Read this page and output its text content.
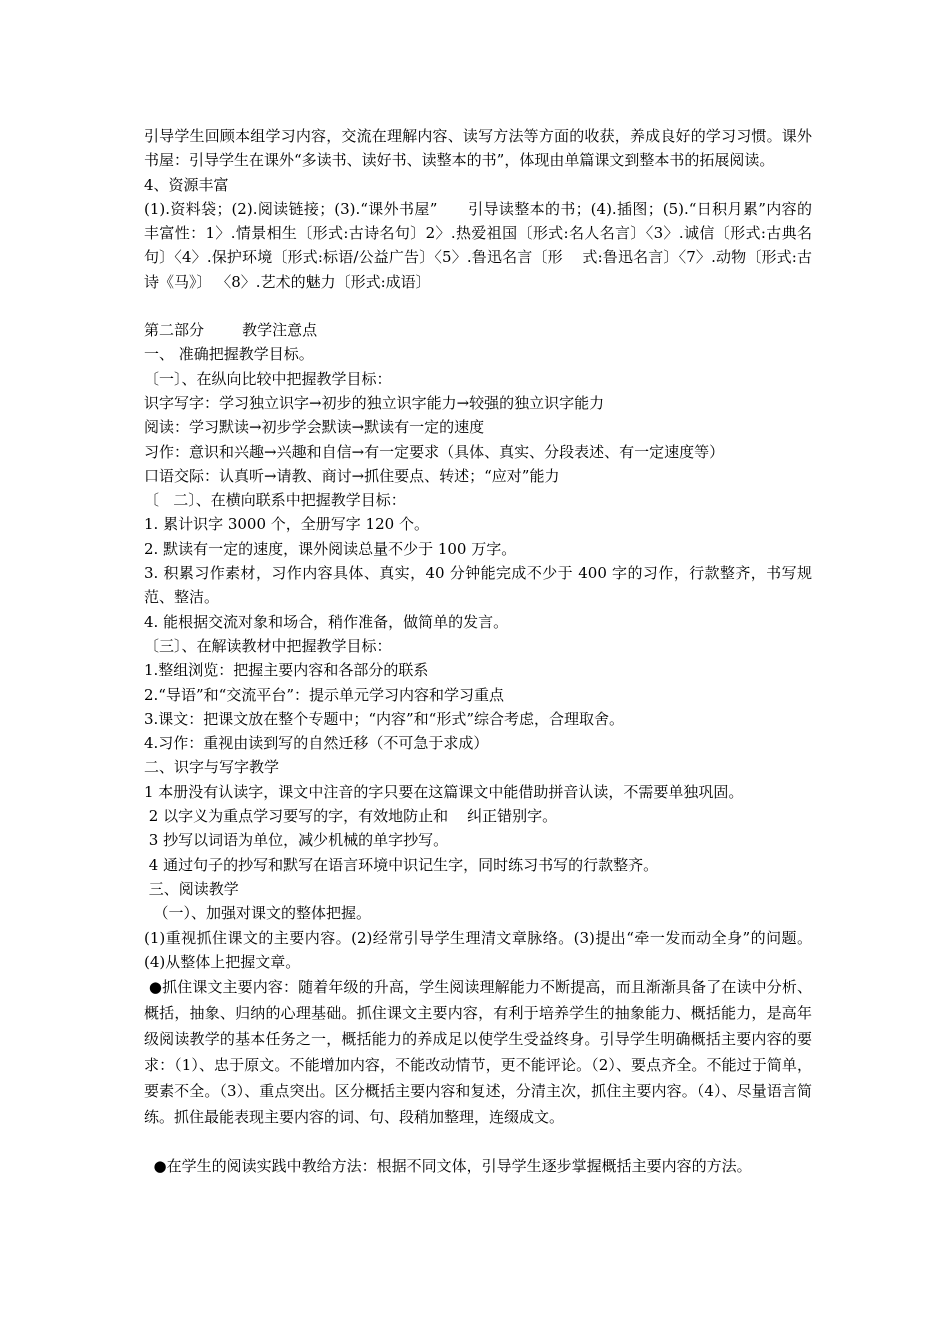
引导学生回顾本组学习内容，交流在理解内容、读写方法等方面的收获，养成良好的学习习惯。课外书屋：引导学生在课外“多读书、读好书、读整本的书”，体现由单篇课文到整本书的拓展阅读。

4、资源丰富

(1).资料袋；(2).阅读链接；(3).“课外书屋”      引导读整本的书；(4).插图；(5).“日积月累”内容的丰富性：1〉.情景相生〔形式:古诗名句〕2〉.热爱祖国〔形式:名人名言〕〈3〉.诚信〔形式:古典名句〕〈4〉.保护环境〔形式:标语/公益广告〕〈5〉.鲁迅名言〔形    式:鲁迅名言〕〈7〉.动物〔形式:古诗《马》〕 〈8〉.艺术的魅力〔形式:成语〕

第二部分        教学注意点

一、 准确把握教学目标。

〔一〕、在纵向比较中把握教学目标：

识字写字：学习独立识字→初步的独立识字能力→较强的独立识字能力

阅读：学习默读→初步学会默读→默读有一定的速度

习作：意识和兴趣→兴趣和自信→有一定要求（具体、真实、分段表述、有一定速度等）

口语交际：认真听→请教、商讨→抓住要点、转述；“应对”能力

〔   二〕、在横向联系中把握教学目标：

1. 累计识字 3000 个，全册写字 120 个。

2. 默读有一定的速度，课外阅读总量不少于 100 万字。

3. 积累习作素材，习作内容具体、真实，40 分钟能完成不少于 400 字的习作，行款整齐，书写规范、整洁。

4. 能根据交流对象和场合，稍作准备，做简单的发言。

〔三〕、在解读教材中把握教学目标：

1.整组浏览：把握主要内容和各部分的联系

2.“导语”和“交流平台”：提示单元学习内容和学习重点

3.课文：把课文放在整个专题中；“内容”和“形式”综合考虑，合理取舍。

4.习作：重视由读到写的自然迁移（不可急于求成）

二、识字与写字教学

1 本册没有认读字，课文中注音的字只要在这篇课文中能借助拼音认读，不需要单独巩固。

2 以字义为重点学习要写的字，有效地防止和    纠正错别字。

3 抄写以词语为单位，减少机械的单字抄写。

4 通过句子的抄写和默写在语言环境中识记生字，同时练习书写的行款整齐。

三、阅读教学

（一）、加强对课文的整体把握。

(1)重视抓住课文的主要内容。(2)经常引导学生理清文章脉络。(3)提出“牵一发而动全身”的问题。(4)从整体上把握文章。

●抓住课文主要内容：随着年级的升高，学生阅读理解能力不断提高，而且渐渐具备了在读中分析、概括，抽象、归纳的心理基础。抓住课文主要内容，有利于培养学生的抽象能力、概括能力，是高年级阅读教学的基本任务之一，概括能力的养成足以使学生受益终身。引导学生明确概括主要内容的要求：（1）、忠于原文。不能增加内容，不能改动情节，更不能评论。（2）、要点齐全。不能过于简单，要素不全。（3）、重点突出。区分概括主要内容和复述，分清主次，抓住主要内容。（4）、尽量语言简练。抓住最能表现主要内容的词、句、段稍加整理，连缀成文。

●在学生的阅读实践中教给方法：根据不同文体，引导学生逐步掌握概括主要内容的方法。
